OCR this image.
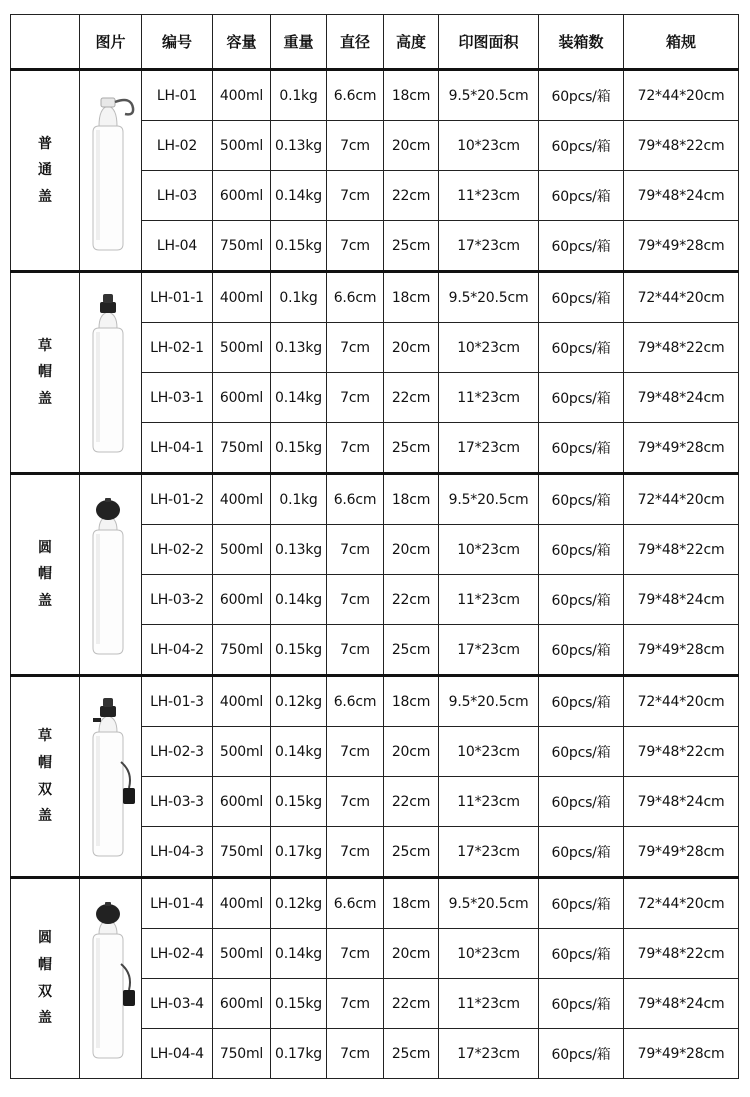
	图片	编号	容量	重量	直径	高度	印图面积	装箱数	箱规

普
通
盖		LH-01	400ml	0.1kg	6.6cm	18cm	9.5*20.5cm	60pcs/箱	72*44*20cm
		LH-02	500ml	0.13kg	7cm	20cm	10*23cm	60pcs/箱	79*48*22cm
		LH-03	600ml	0.14kg	7cm	22cm	11*23cm	60pcs/箱	79*48*24cm
		LH-04	750ml	0.15kg	7cm	25cm	17*23cm	60pcs/箱	79*49*28cm

草
帽
盖		LH-01-1	400ml	0.1kg	6.6cm	18cm	9.5*20.5cm	60pcs/箱	72*44*20cm
		LH-02-1	500ml	0.13kg	7cm	20cm	10*23cm	60pcs/箱	79*48*22cm
		LH-03-1	600ml	0.14kg	7cm	22cm	11*23cm	60pcs/箱	79*48*24cm
		LH-04-1	750ml	0.15kg	7cm	25cm	17*23cm	60pcs/箱	79*49*28cm

圆
帽
盖		LH-01-2	400ml	0.1kg	6.6cm	18cm	9.5*20.5cm	60pcs/箱	72*44*20cm
		LH-02-2	500ml	0.13kg	7cm	20cm	10*23cm	60pcs/箱	79*48*22cm
		LH-03-2	600ml	0.14kg	7cm	22cm	11*23cm	60pcs/箱	79*48*24cm
		LH-04-2	750ml	0.15kg	7cm	25cm	17*23cm	60pcs/箱	79*49*28cm

草
帽
双
盖		LH-01-3	400ml	0.12kg	6.6cm	18cm	9.5*20.5cm	60pcs/箱	72*44*20cm
		LH-02-3	500ml	0.14kg	7cm	20cm	10*23cm	60pcs/箱	79*48*22cm
		LH-03-3	600ml	0.15kg	7cm	22cm	11*23cm	60pcs/箱	79*48*24cm
		LH-04-3	750ml	0.17kg	7cm	25cm	17*23cm	60pcs/箱	79*49*28cm

圆
帽
双
盖		LH-01-4	400ml	0.12kg	6.6cm	18cm	9.5*20.5cm	60pcs/箱	72*44*20cm
		LH-02-4	500ml	0.14kg	7cm	20cm	10*23cm	60pcs/箱	79*48*22cm
		LH-03-4	600ml	0.15kg	7cm	22cm	11*23cm	60pcs/箱	79*48*24cm
		LH-04-4	750ml	0.17kg	7cm	25cm	17*23cm	60pcs/箱	79*49*28cm
